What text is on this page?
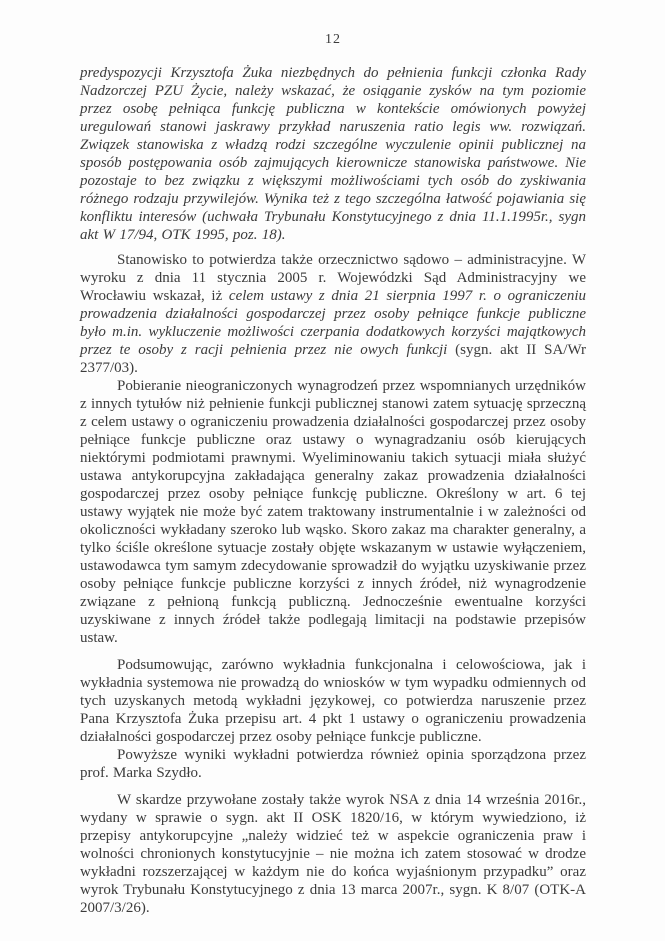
12

predyspozycji Krzysztofa Żuka niezbędnych do pełnienia funkcji członka Rady Nadzorczej PZU Życie, należy wskazać, że osiąganie zysków na tym poziomie przez osobę pełniąca funkcję publiczna w kontekście omówionych powyżej uregulowań stanowi jaskrawy przykład naruszenia ratio legis ww. rozwiązań. Związek stanowiska z władzą rodzi szczególne wyczulenie opinii publicznej na sposób postępowania osób zajmujących kierownicze stanowiska państwowe. Nie pozostaje to bez związku z większymi możliwościami tych osób do zyskiwania różnego rodzaju przywilejów. Wynika też z tego szczególna łatwość pojawiania się konfliktu interesów (uchwała Trybunału Konstytucyjnego z dnia 11.1.1995r., sygn akt W 17/94, OTK 1995, poz. 18).

Stanowisko to potwierdza także orzecznictwo sądowo – administracyjne. W wyroku z dnia 11 stycznia 2005 r. Wojewódzki Sąd Administracyjny we Wrocławiu wskazał, iż celem ustawy z dnia 21 sierpnia 1997 r. o ograniczeniu prowadzenia działalności gospodarczej przez osoby pełniące funkcje publiczne było m.in. wykluczenie możliwości czerpania dodatkowych korzyści majątkowych przez te osoby z racji pełnienia przez nie owych funkcji (sygn. akt II SA/Wr 2377/03).

Pobieranie nieograniczonych wynagrodzeń przez wspomnianych urzędników z innych tytułów niż pełnienie funkcji publicznej stanowi zatem sytuację sprzeczną z celem ustawy o ograniczeniu prowadzenia działalności gospodarczej przez osoby pełniące funkcje publiczne oraz ustawy o wynagradzaniu osób kierujących niektórymi podmiotami prawnymi. Wyeliminowaniu takich sytuacji miała służyć ustawa antykorupcyjna zakładająca generalny zakaz prowadzenia działalności gospodarczej przez osoby pełniące funkcję publiczne. Określony w art. 6 tej ustawy wyjątek nie może być zatem traktowany instrumentalnie i w zależności od okoliczności wykładany szeroko lub wąsko. Skoro zakaz ma charakter generalny, a tylko ściśle określone sytuacje zostały objęte wskazanym w ustawie wyłączeniem, ustawodawca tym samym zdecydowanie sprowadził do wyjątku uzyskiwanie przez osoby pełniące funkcje publiczne korzyści z innych źródeł, niż wynagrodzenie związane z pełnioną funkcją publiczną. Jednocześnie ewentualne korzyści uzyskiwane z innych źródeł także podlegają limitacji na podstawie przepisów ustaw.

Podsumowując, zarówno wykładnia funkcjonalna i celowościowa, jak i wykładnia systemowa nie prowadzą do wniosków w tym wypadku odmiennych od tych uzyskanych metodą wykładni językowej, co potwierdza naruszenie przez Pana Krzysztofa Żuka przepisu art. 4 pkt 1 ustawy o ograniczeniu prowadzenia działalności gospodarczej przez osoby pełniące funkcje publiczne.

Powyższe wyniki wykładni potwierdza również opinia sporządzona przez prof. Marka Szydło.

W skardze przywołane zostały także wyrok NSA z dnia 14 września 2016r., wydany w sprawie o sygn. akt II OSK 1820/16, w którym wywiedziono, iż przepisy antykorupcyjne „należy widzieć też w aspekcie ograniczenia praw i wolności chronionych konstytucyjnie – nie można ich zatem stosować w drodze wykładni rozszerzającej w każdym nie do końca wyjaśnionym przypadku” oraz wyrok Trybunału Konstytucyjnego z dnia 13 marca 2007r., sygn. K 8/07 (OTK-A 2007/3/26).
